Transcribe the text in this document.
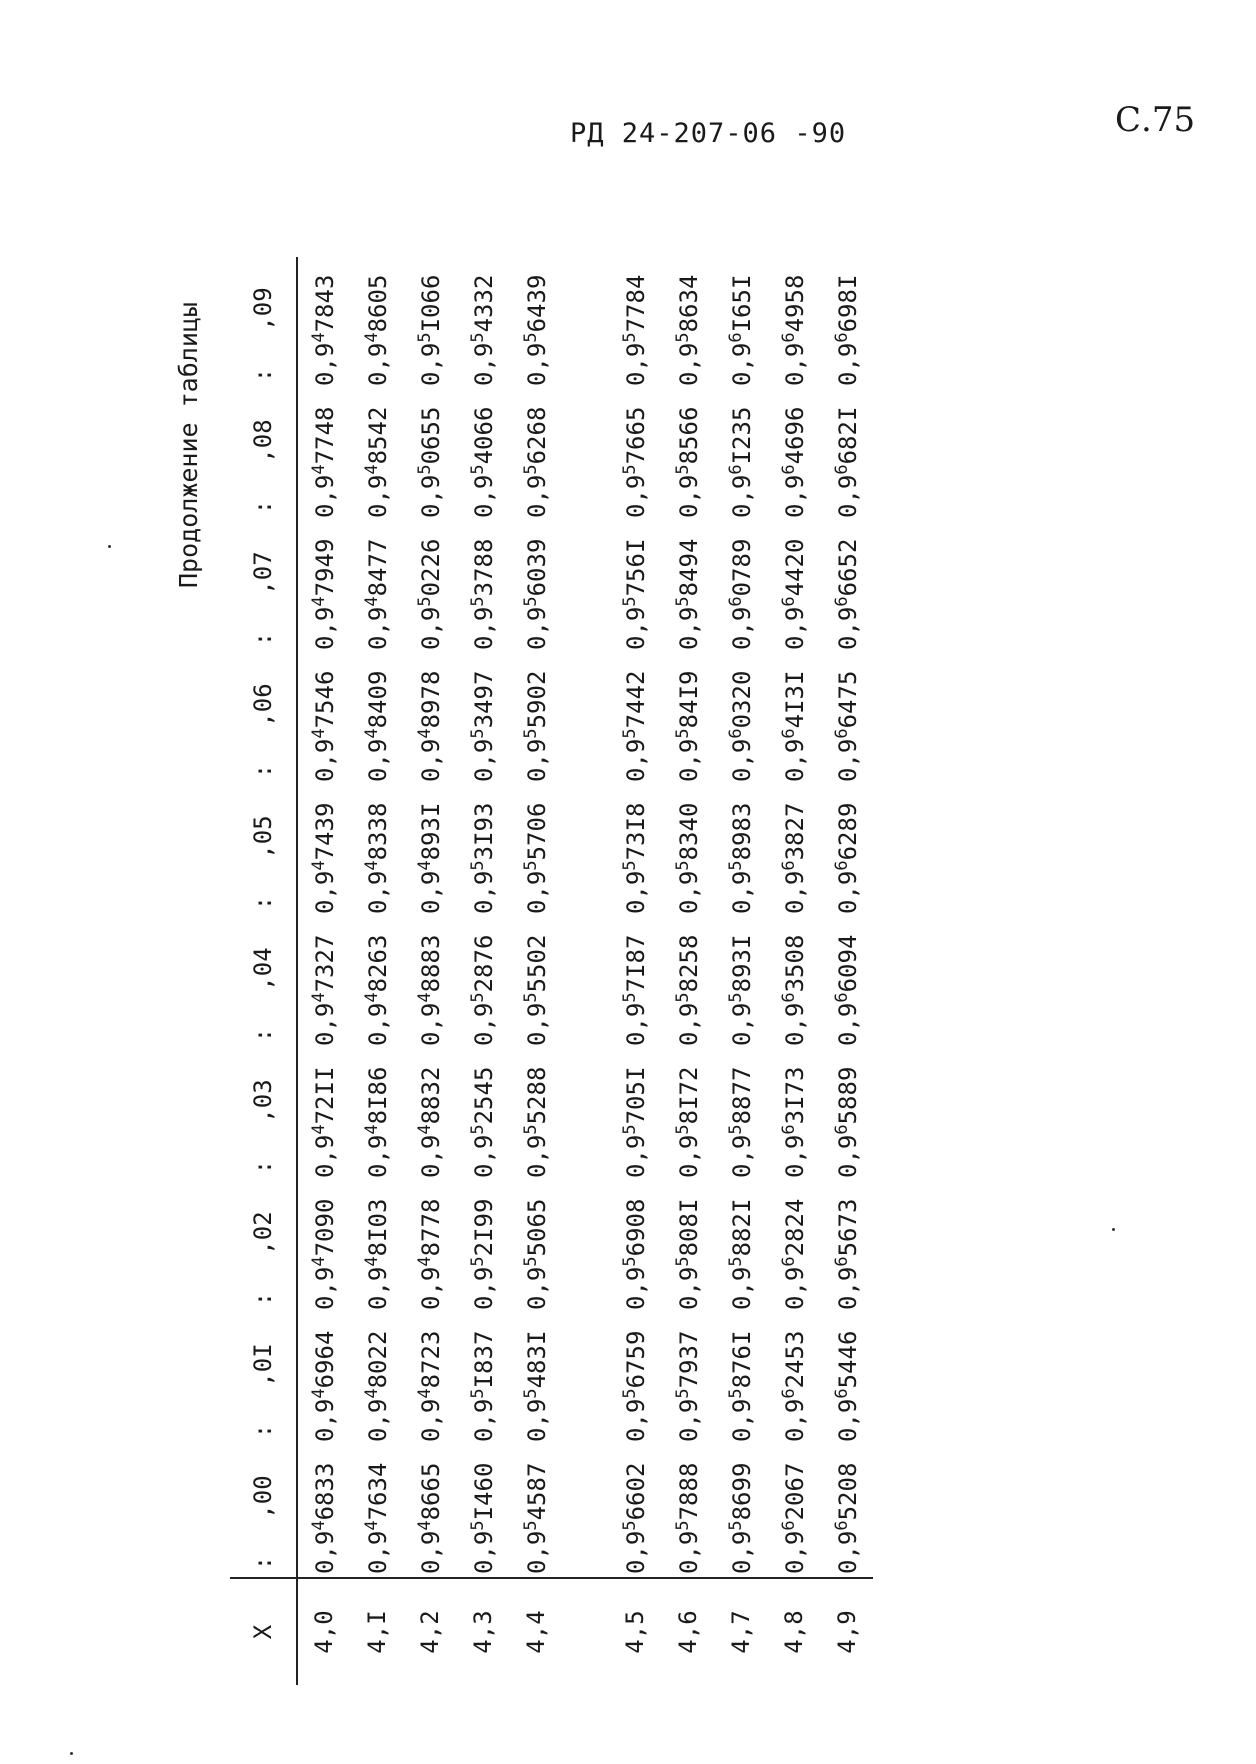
РД 24-207-06 -90	С.75
Продолжение таблицы
X	:	,00	:	,0I	:	,02	:	,03	:	,04	:	,05	:	,06	:	,07	:	,08	:	,09
4,0	$0,9^46833$		$0,9^46964$		$0,9^47090$		$0,9^472II$		$0,9^47327$		$0,9^47439$		$0,9^47546$		$0,9^47949$		$0,9^47748$		$0,9^47843$	
4,I	$0,9^47634$		$0,9^48022$		$0,9^48I03$		$0,9^48I86$		$0,9^48263$		$0,9^48338$		$0,9^48409$		$0,9^48477$		$0,9^48542$		$0,9^48605$	
4,2	$0,9^48665$		$0,9^48723$		$0,9^48778$		$0,9^48832$		$0,9^48883$		$0,9^4893I$		$0,9^48978$		$0,9^50226$		$0,9^50655$		$0,9^5I066$	
4,3	$0,9^5I460$		$0,9^5I837$		$0,9^52I99$		$0,9^52545$		$0,9^52876$		$0,9^53I93$		$0,9^53497$		$0,9^53788$		$0,9^54066$		$0,9^54332$	
4,4	$0,9^54587$		$0,9^5483I$		$0,9^55065$		$0,9^55288$		$0,9^55502$		$0,9^55706$		$0,9^55902$		$0,9^56039$		$0,9^56268$		$0,9^56439$	

4,5	$0,9^56602$		$0,9^56759$		$0,9^56908$		$0,9^5705I$		$0,9^57I87$		$0,9^573I8$		$0,9^57442$		$0,9^5756I$		$0,9^57665$		$0,9^57784$	
4,6	$0,9^57888$		$0,9^57937$		$0,9^5808I$		$0,9^58I72$		$0,9^58258$		$0,9^58340$		$0,9^584I9$		$0,9^58494$		$0,9^58566$		$0,9^58634$	
4,7	$0,9^58699$		$0,9^5876I$		$0,9^5882I$		$0,9^58877$		$0,9^5893I$		$0,9^58983$		$0,9^60320$		$0,9^60789$		$0,9^6I235$		$0,9^6I65I$	
4,8	$0,9^62067$		$0,9^62453$		$0,9^62824$		$0,9^63I73$		$0,9^63508$		$0,9^63827$		$0,9^64I3I$		$0,9^64420$		$0,9^64696$		$0,9^64958$	
4,9	$0,9^65208$		$0,9^65446$		$0,9^65673$		$0,9^65889$		$0,9^66094$		$0,9^66289$		$0,9^66475$		$0,9^66652$		$0,9^6682I$		$0,9^6698I$	
